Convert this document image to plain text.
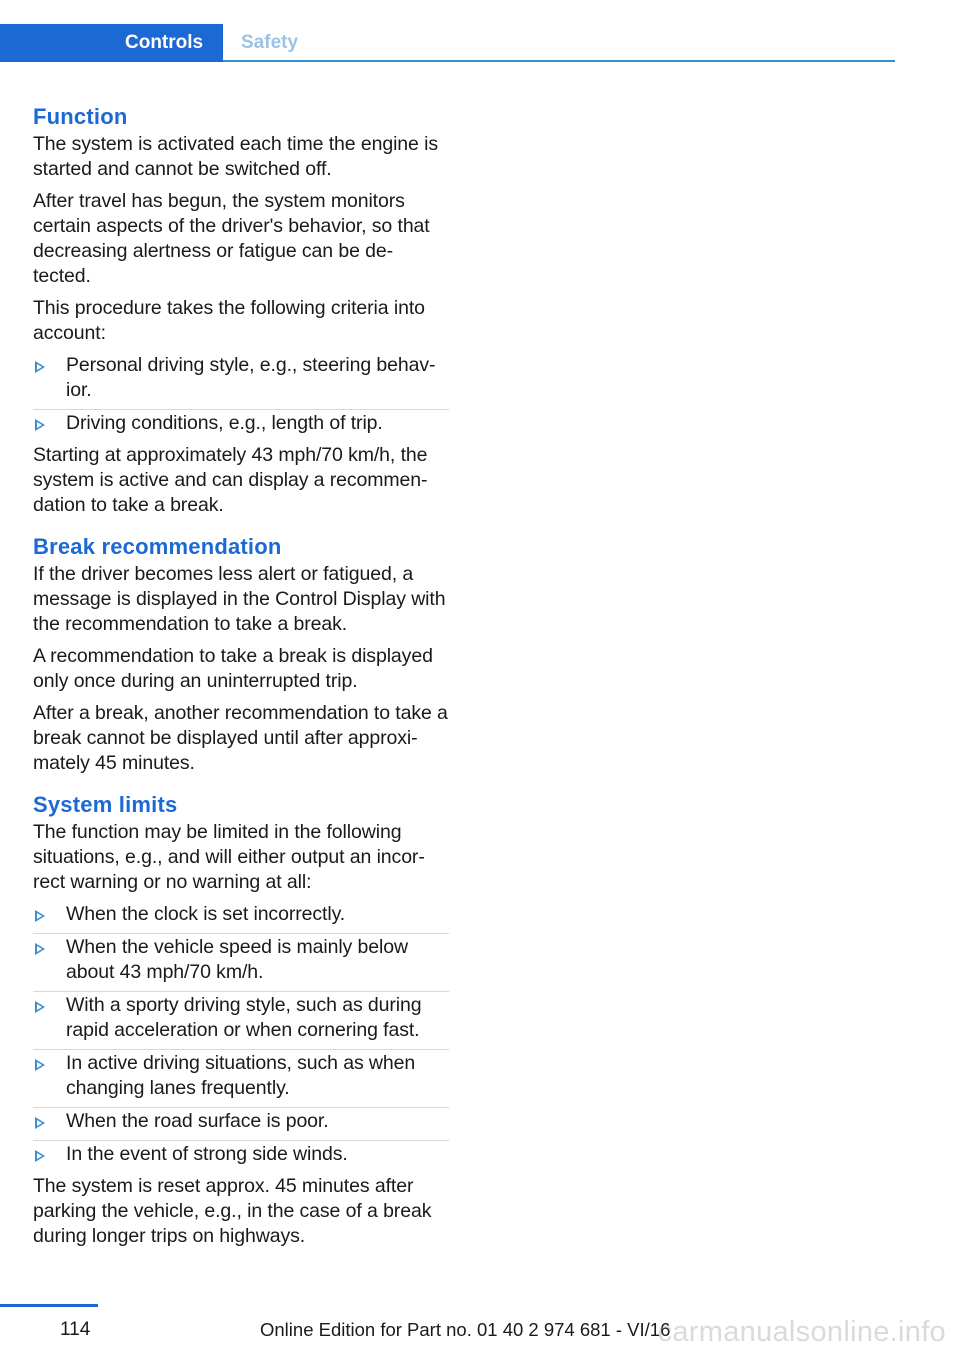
Controls	Safety
Function

The system is activated each time the engine is started and cannot be switched off.

After travel has begun, the system monitors certain aspects of the driver's behavior, so that decreasing alertness or fatigue can be de‐tected.

This procedure takes the following criteria into account:

Personal driving style, e.g., steering behav‐ior.
Driving conditions, e.g., length of trip.

Starting at approximately 43 mph/70 km/h, the system is active and can display a recommen‐dation to take a break.

Break recommendation

If the driver becomes less alert or fatigued, a message is displayed in the Control Display with the recommendation to take a break.

A recommendation to take a break is displayed only once during an uninterrupted trip.

After a break, another recommendation to take a break cannot be displayed until after approxi‐mately 45 minutes.

System limits

The function may be limited in the following situations, e.g., and will either output an incor‐rect warning or no warning at all:

When the clock is set incorrectly.
When the vehicle speed is mainly below about 43 mph/70 km/h.
With a sporty driving style, such as during rapid acceleration or when cornering fast.
In active driving situations, such as when changing lanes frequently.
When the road surface is poor.
In the event of strong side winds.

The system is reset approx. 45 minutes after parking the vehicle, e.g., in the case of a break during longer trips on highways.

114	Online Edition for Part no. 01 40 2 974 681 - VI/16
carmanualsonline.info
